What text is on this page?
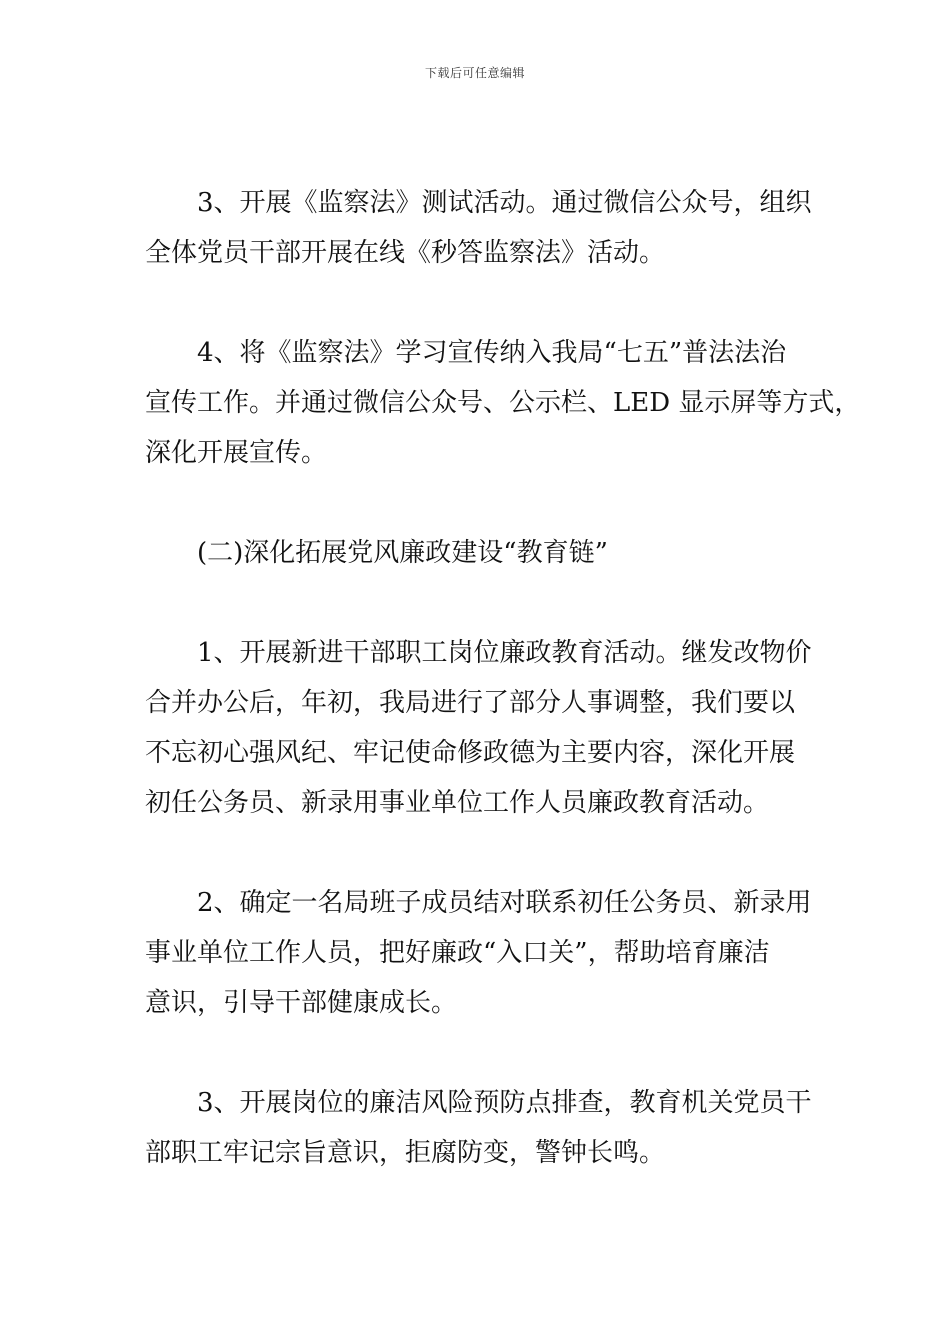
下载后可任意编辑
3、开展《监察法》测试活动。通过微信公众号，组织
全体党员干部开展在线《秒答监察法》活动。
4、将《监察法》学习宣传纳入我局“七五”普法法治
宣传工作。并通过微信公众号、公示栏、LED 显示屏等方式，
深化开展宣传。
(二)深化拓展党风廉政建设“教育链”
1、开展新进干部职工岗位廉政教育活动。继发改物价
合并办公后，年初，我局进行了部分人事调整，我们要以
不忘初心强风纪、牢记使命修政德为主要内容，深化开展
初任公务员、新录用事业单位工作人员廉政教育活动。
2、确定一名局班子成员结对联系初任公务员、新录用
事业单位工作人员，把好廉政“入口关”，帮助培育廉洁
意识，引导干部健康成长。
3、开展岗位的廉洁风险预防点排查，教育机关党员干
部职工牢记宗旨意识，拒腐防变，警钟长鸣。
